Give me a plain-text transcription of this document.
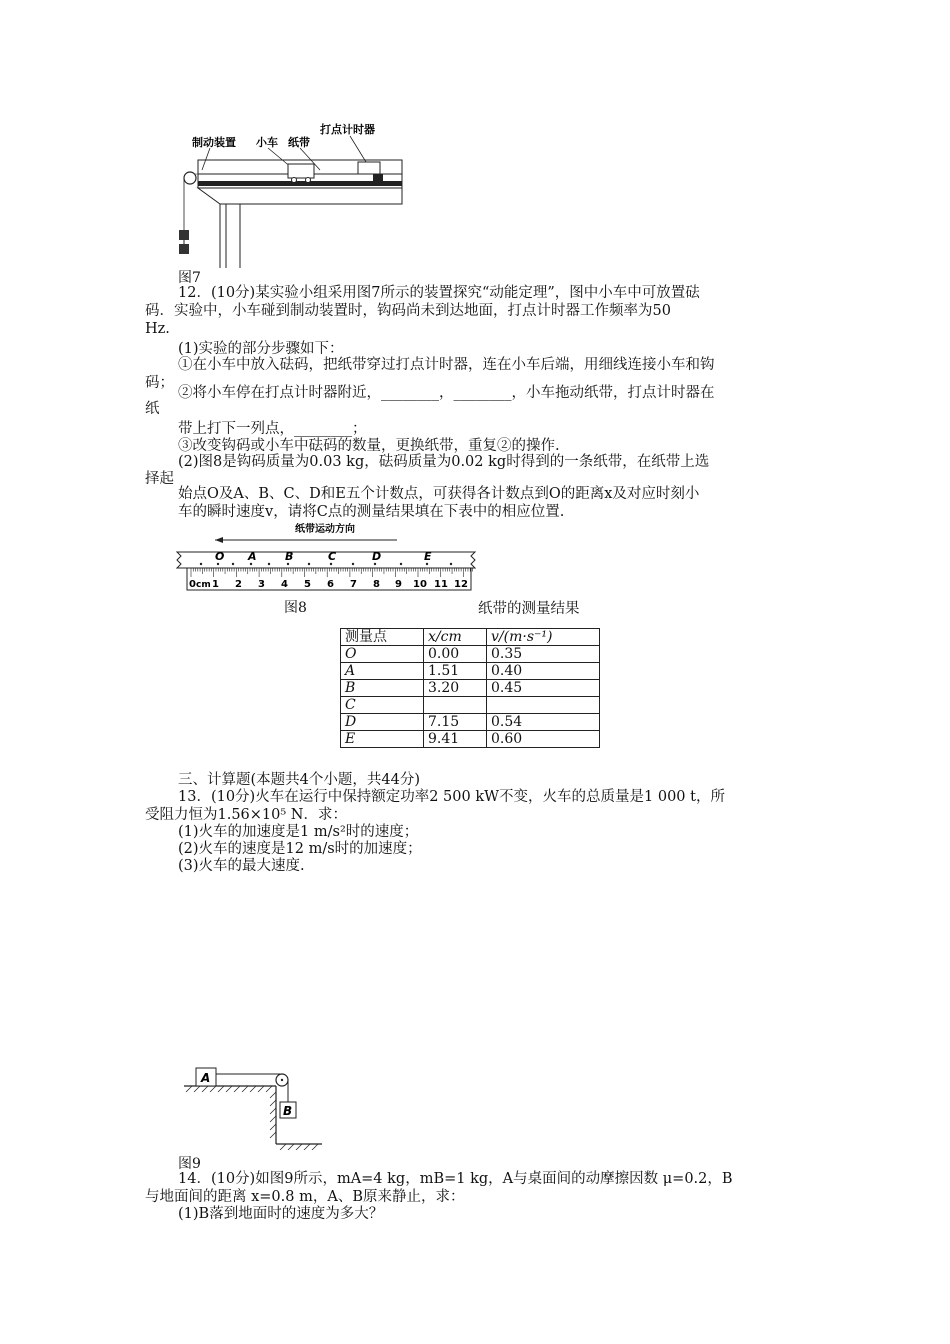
制动装置 小车 纸带
打点计时器
图7
12．(10分)某实验小组采用图7所示的装置探究“动能定理”，图中小车中可放置砝
码．实验中，小车碰到制动装置时，钩码尚未到达地面，打点计时器工作频率为50
Hz.
(1)实验的部分步骤如下：
①在小车中放入砝码，把纸带穿过打点计时器，连在小车后端，用细线连接小车和钩
码；
②将小车停在打点计时器附近，________，________，小车拖动纸带，打点计时器在
纸
带上打下一列点，________；
③改变钩码或小车中砝码的数量，更换纸带，重复②的操作.
(2)图8是钩码质量为0.03 kg，砝码质量为0.02 kg时得到的一条纸带，在纸带上选
择起
始点O及A、B、C、D和E五个计数点，可获得各计数点到O的距离x及对应时刻小
车的瞬时速度v，请将C点的测量结果填在下表中的相应位置.
纸带运动方向
O A	B	C	D	E
0 cm 1 2 3 4 5 6 7 8 9 10 11 12
图8	纸带的测量结果
测量点	x/cm	v/(m·s⁻¹)
O	0.00	0.35
A	1.51	0.40
B	3.20	0.45
C		
D	7.15	0.54
E	9.41	0.60
三、计算题(本题共4个小题，共44分)
13．(10分)火车在运行中保持额定功率2 500 kW不变，火车的总质量是1 000 t，所
受阻力恒为1.56×10⁵ N．求：
(1)火车的加速度是1 m/s²时的速度；
(2)火车的速度是12 m/s时的加速度；
(3)火车的最大速度.
A
B
图9
14．(10分)如图9所示，mA=4 kg，mB=1 kg，A与桌面间的动摩擦因数 μ=0.2，B
与地面间的距离 x=0.8 m，A、B原来静止，求：
(1)B落到地面时的速度为多大？
